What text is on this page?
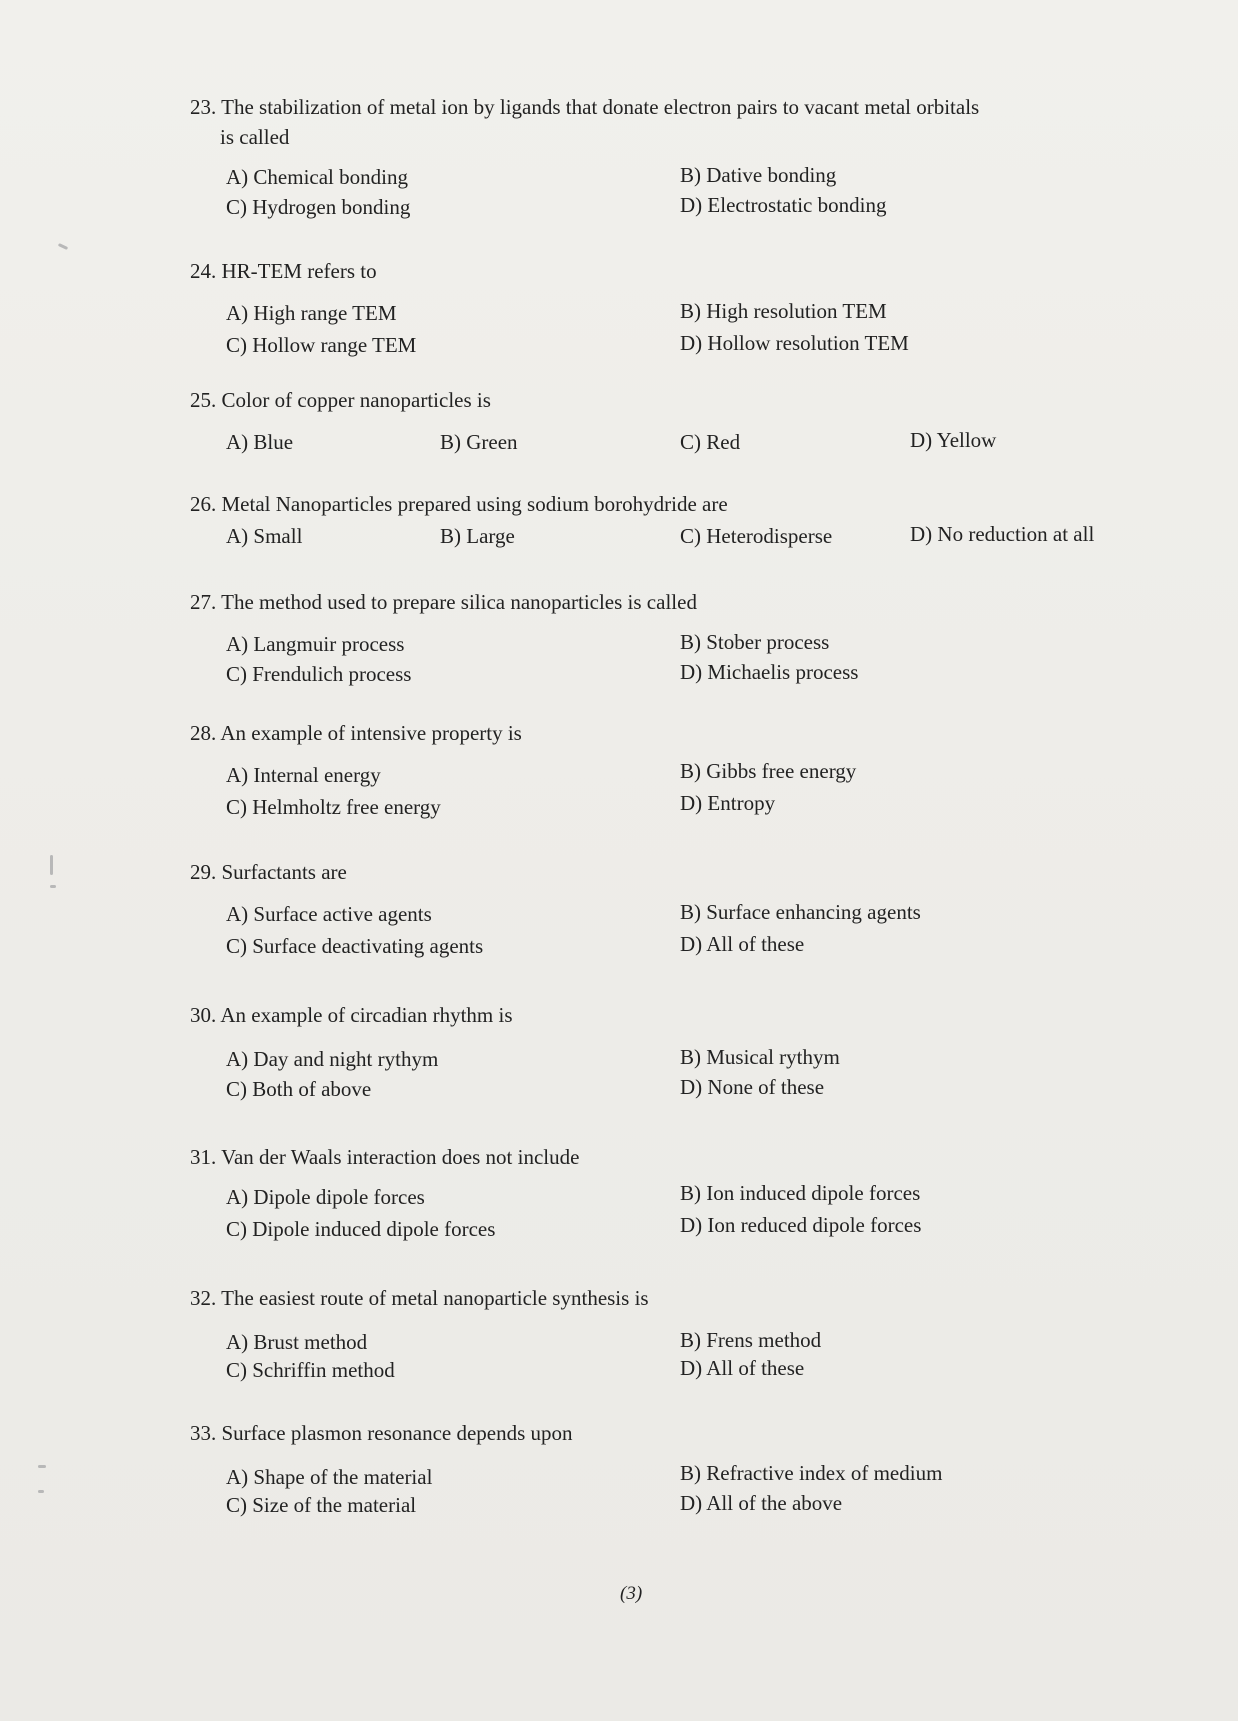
23. The stabilization of metal ion by ligands that donate electron pairs to vacant metal orbitals
is called
A) Chemical bonding	B) Dative bonding
C) Hydrogen bonding	D) Electrostatic bonding
24. HR-TEM refers to
A) High range TEM	B) High resolution TEM
C) Hollow range TEM	D) Hollow resolution TEM
25. Color of copper nanoparticles is
A) Blue	B) Green	C) Red	D) Yellow
26. Metal Nanoparticles prepared using sodium borohydride are
A) Small	B) Large	C) Heterodisperse	D) No reduction at all
27. The method used to prepare silica nanoparticles is called
A) Langmuir process	B) Stober process
C) Frendulich process	D) Michaelis process
28. An example of intensive property is
A) Internal energy	B) Gibbs free energy
C) Helmholtz free energy	D) Entropy
29. Surfactants are
A) Surface active agents	B) Surface enhancing agents
C) Surface deactivating agents	D) All of these
30. An example of circadian rhythm is
A) Day and night rythym	B) Musical rythym
C) Both of above	D) None of these
31. Van der Waals interaction does not include
A) Dipole dipole forces	B) Ion induced dipole forces
C) Dipole induced dipole forces	D) Ion reduced dipole forces
32. The easiest route of metal nanoparticle synthesis is
A) Brust method	B) Frens method
C) Schriffin method	D) All of these
33. Surface plasmon resonance depends upon
A) Shape of the material	B) Refractive index of medium
C) Size of the material	D) All of the above
(3)
